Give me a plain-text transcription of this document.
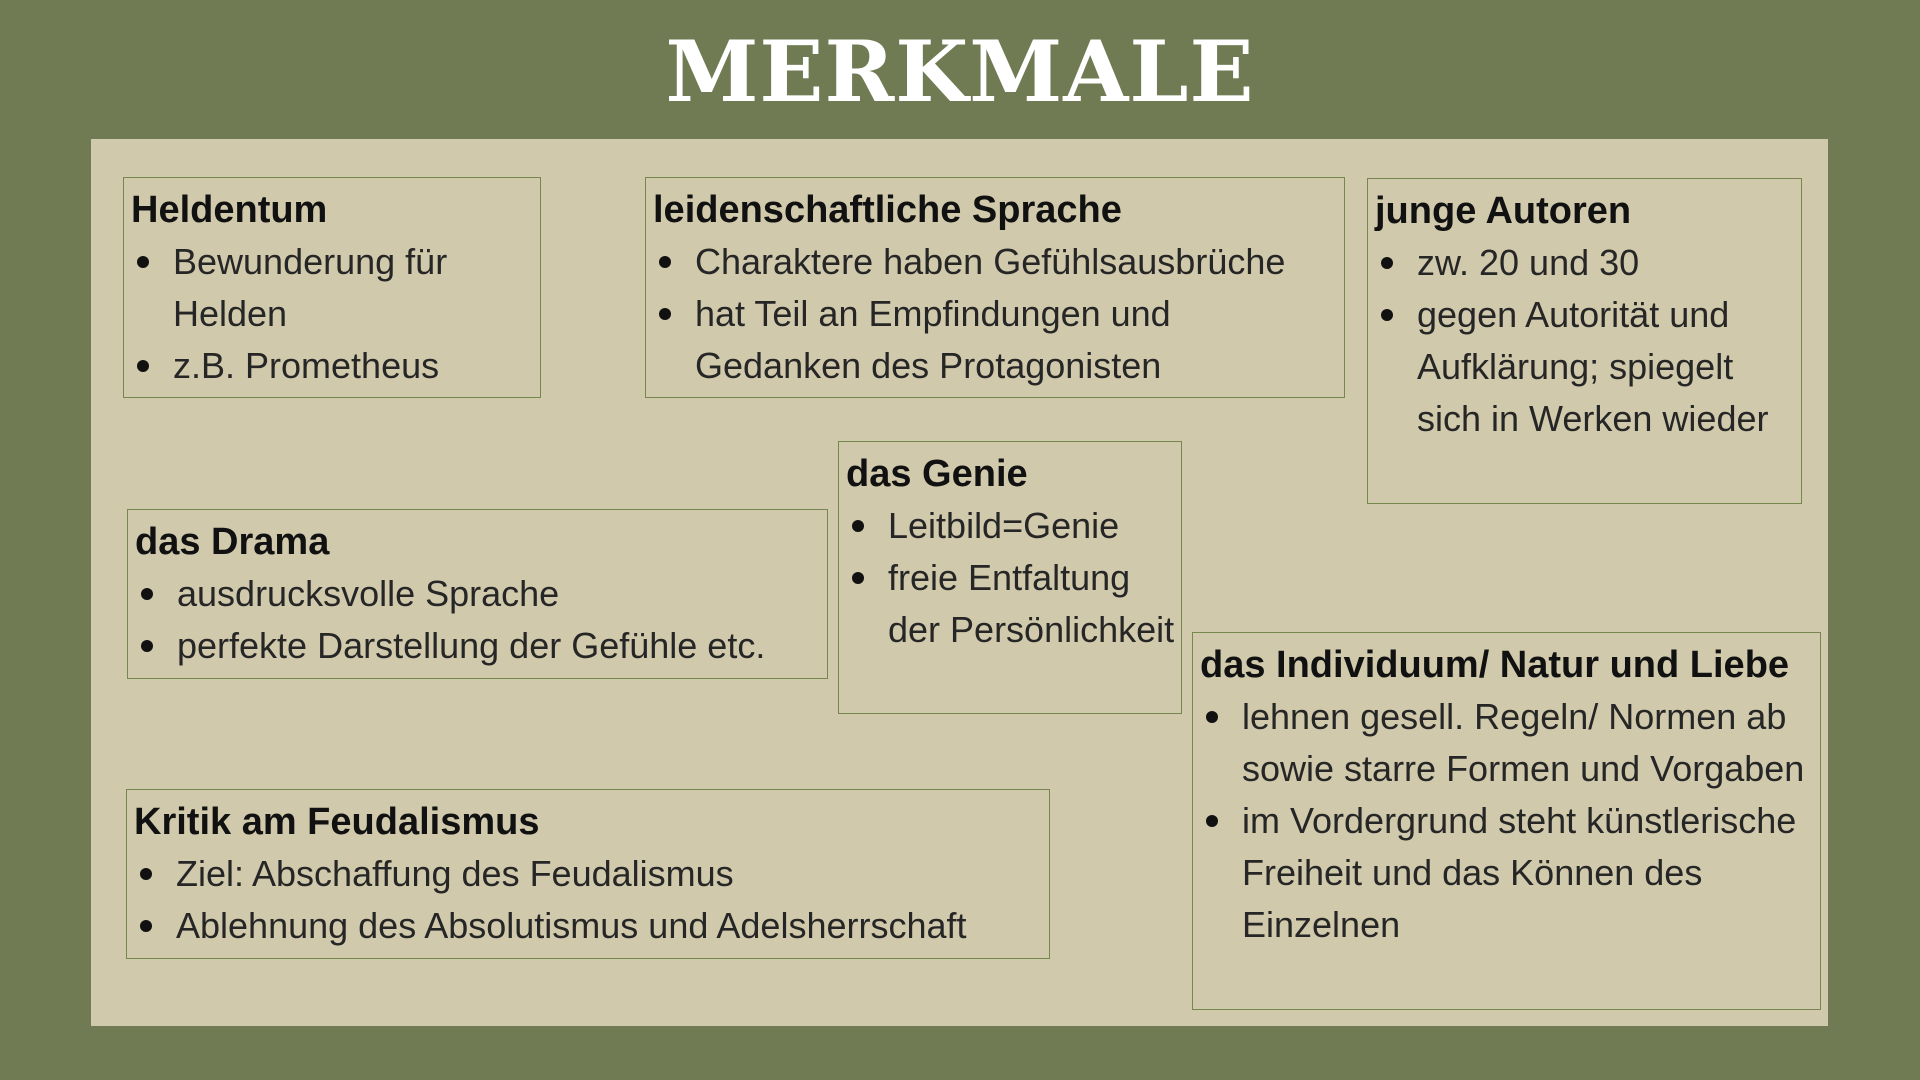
MERKMALE
Heldentum
Bewunderung für Helden
z.B. Prometheus
leidenschaftliche Sprache
Charaktere haben Gefühlsausbrüche
hat Teil an Empfindungen und Gedanken des Protagonisten
junge Autoren
zw. 20 und 30
gegen Autorität und Aufklärung; spiegelt sich in Werken wieder
das Genie
Leitbild=Genie
freie Entfaltung der Persönlichkeit
das Drama
ausdrucksvolle Sprache
perfekte Darstellung der Gefühle etc.	das Individuum/ Natur und Liebe
lehnen gesell. Regeln/ Normen ab sowie starre Formen und Vorgaben
im Vordergrund steht künstlerische Freiheit und das Können des Einzelnen
Kritik am Feudalismus
Ziel: Abschaffung des Feudalismus
Ablehnung des Absolutismus und Adelsherrschaft
